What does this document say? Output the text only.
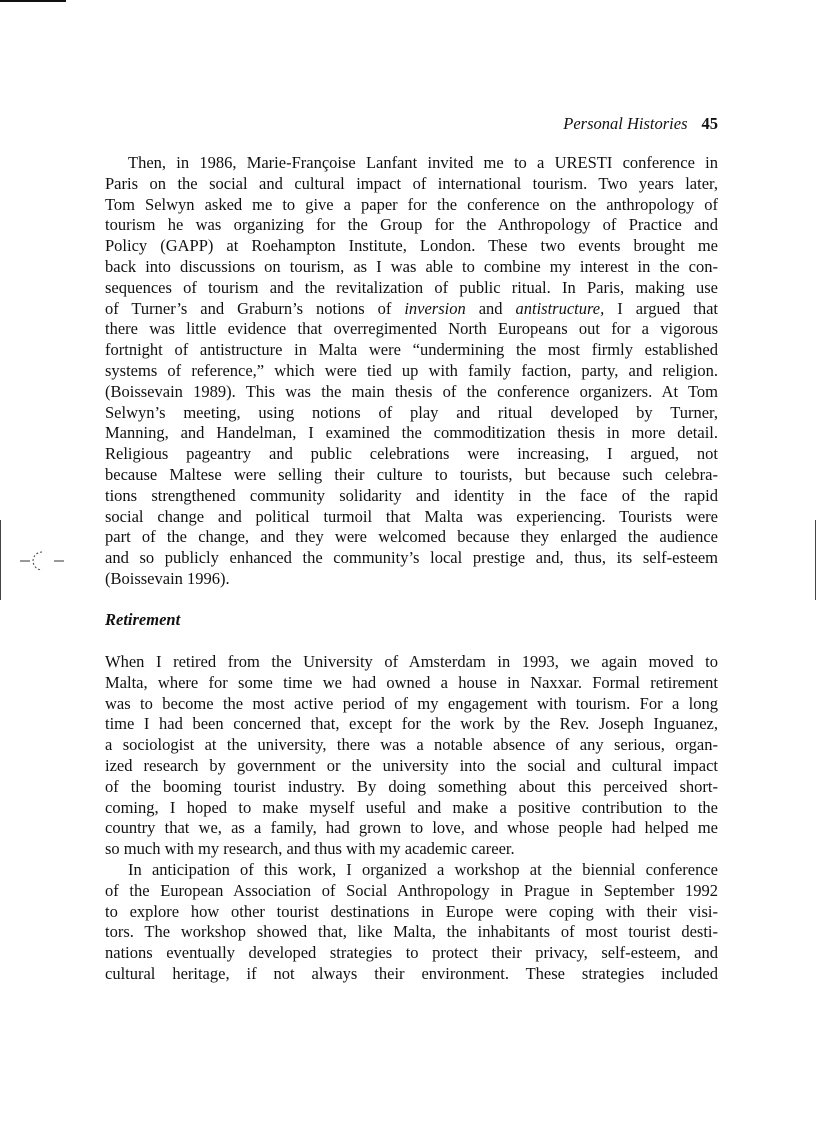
Personal Histories 45
Then, in 1986, Marie-Françoise Lanfant invited me to a URESTI conference in
Paris on the social and cultural impact of international tourism. Two years later,
Tom Selwyn asked me to give a paper for the conference on the anthropology of
tourism he was organizing for the Group for the Anthropology of Practice and
Policy (GAPP) at Roehampton Institute, London. These two events brought me
back into discussions on tourism, as I was able to combine my interest in the con-
sequences of tourism and the revitalization of public ritual. In Paris, making use
of Turner’s and Graburn’s notions of inversion and antistructure, I argued that
there was little evidence that overregimented North Europeans out for a vigorous
fortnight of antistructure in Malta were “undermining the most firmly established
systems of reference,” which were tied up with family faction, party, and religion.
(Boissevain 1989). This was the main thesis of the conference organizers. At Tom
Selwyn’s meeting, using notions of play and ritual developed by Turner,
Manning, and Handelman, I examined the commoditization thesis in more detail.
Religious pageantry and public celebrations were increasing, I argued, not
because Maltese were selling their culture to tourists, but because such celebra-
tions strengthened community solidarity and identity in the face of the rapid
social change and political turmoil that Malta was experiencing. Tourists were
part of the change, and they were welcomed because they enlarged the audience
and so publicly enhanced the community’s local prestige and, thus, its self-esteem
(Boissevain 1996).
Retirement
When I retired from the University of Amsterdam in 1993, we again moved to
Malta, where for some time we had owned a house in Naxxar. Formal retirement
was to become the most active period of my engagement with tourism. For a long
time I had been concerned that, except for the work by the Rev. Joseph Inguanez,
a sociologist at the university, there was a notable absence of any serious, organ-
ized research by government or the university into the social and cultural impact
of the booming tourist industry. By doing something about this perceived short-
coming, I hoped to make myself useful and make a positive contribution to the
country that we, as a family, had grown to love, and whose people had helped me
so much with my research, and thus with my academic career.
In anticipation of this work, I organized a workshop at the biennial conference
of the European Association of Social Anthropology in Prague in September 1992
to explore how other tourist destinations in Europe were coping with their visi-
tors. The workshop showed that, like Malta, the inhabitants of most tourist desti-
nations eventually developed strategies to protect their privacy, self-esteem, and
cultural heritage, if not always their environment. These strategies included
